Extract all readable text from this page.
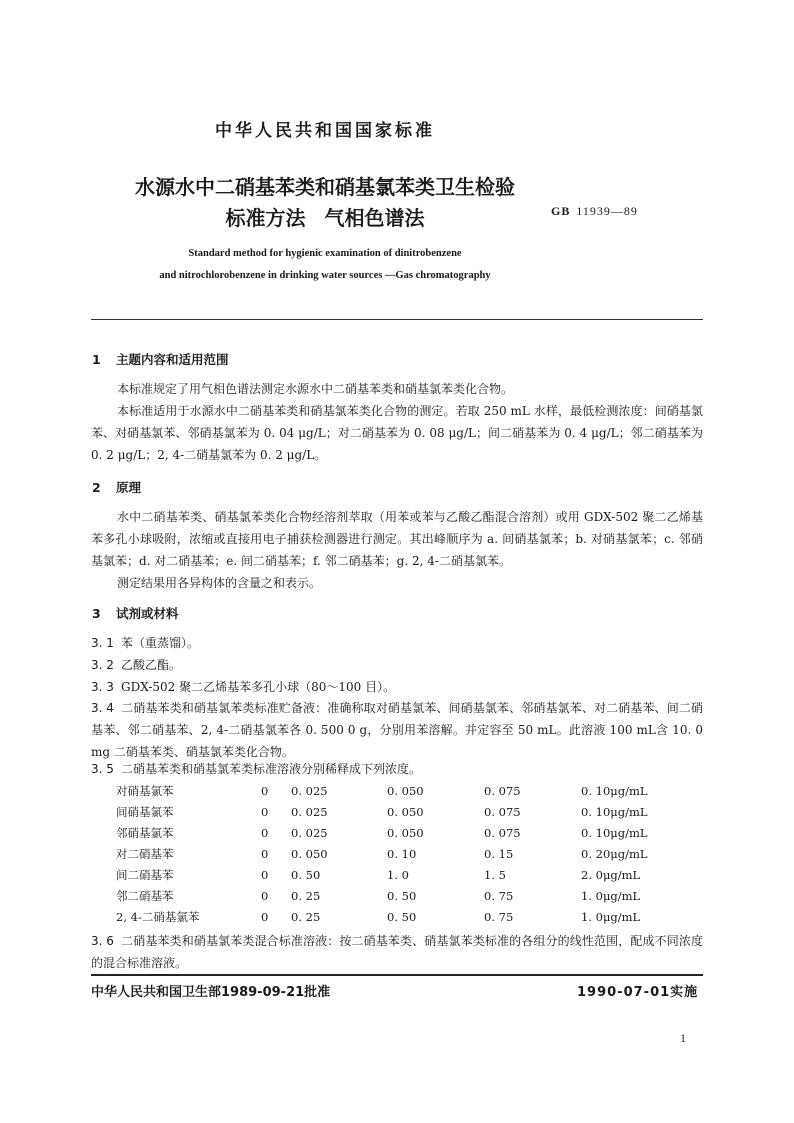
中华人民共和国国家标准
水源水中二硝基苯类和硝基氯苯类卫生检验
标准方法 气相色谱法	GB 11939—89
Standard method for hygienic examination of dinitrobenzene
and nitrochlorobenzene in drinking water sources —Gas chromatography
1 主题内容和适用范围

本标准规定了用气相色谱法测定水源水中二硝基苯类和硝基氯苯类化合物。

本标准适用于水源水中二硝基苯类和硝基氯苯类化合物的测定。若取 250 mL 水样，最低检测浓度：间硝基氯苯、对硝基氯苯、邻硝基氯苯为 0. 04 μg/L；对二硝基苯为 0. 08 μg/L；间二硝基苯为 0. 4 μg/L；邻二硝基苯为 0. 2 μg/L；2, 4-二硝基氯苯为 0. 2 μg/L。

2 原理

水中二硝基苯类、硝基氯苯类化合物经溶剂萃取（用苯或苯与乙酸乙酯混合溶剂）或用 GDX-502 聚二乙烯基苯多孔小球吸附，浓缩或直接用电子捕获检测器进行测定。其出峰顺序为 a. 间硝基氯苯；b. 对硝基氯苯；c. 邻硝基氯苯；d. 对二硝基苯；e. 间二硝基苯；f. 邻二硝基苯；g. 2, 4-二硝基氯苯。

测定结果用各异构体的含量之和表示。

3 试剂或材料
3. 1 苯（重蒸馏）。
3. 2 乙酸乙酯。
3. 3 GDX-502 聚二乙烯基苯多孔小球（80～100 目）。
3. 4 二硝基苯类和硝基氯苯类标准贮备液：准确称取对硝基氯苯、间硝基氯苯、邻硝基氯苯、对二硝基苯、间二硝基苯、邻二硝基苯、2, 4-二硝基氯苯各 0. 500 0 g，分别用苯溶解。并定容至 50 mL。此溶液 100 mL含 10. 0 mg 二硝基苯类、硝基氯苯类化合物。
3. 5 二硝基苯类和硝基氯苯类标准溶液分别稀释成下列浓度。
对硝基氯苯	0	0. 025	0. 050	0. 075	0. 10μg/mL
间硝基氯苯	0	0. 025	0. 050	0. 075	0. 10μg/mL
邻硝基氯苯	0	0. 025	0. 050	0. 075	0. 10μg/mL
对二硝基苯	0	0. 050	0. 10	0. 15	0. 20μg/mL
间二硝基苯	0	0. 50	1. 0	1. 5	2. 0μg/mL
邻二硝基苯	0	0. 25	0. 50	0. 75	1. 0μg/mL
2, 4-二硝基氯苯	0	0. 25	0. 50	0. 75	1. 0μg/mL
3. 6 二硝基苯类和硝基氯苯类混合标准溶液：按二硝基苯类、硝基氯苯类标准的各组分的线性范围，配成不同浓度的混合标准溶液。
中华人民共和国卫生部1989-09-21批准	1990-07-01实施
1
